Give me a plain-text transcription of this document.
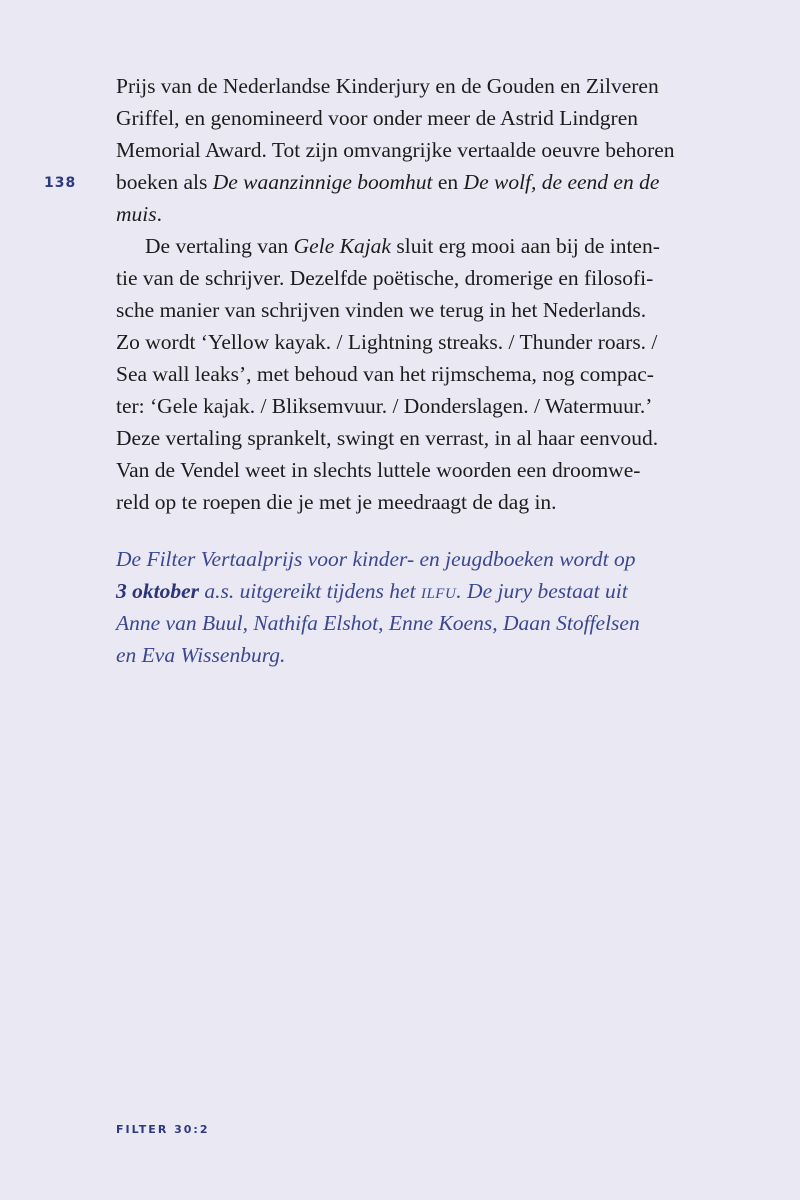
138

Prijs van de Nederlandse Kinderjury en de Gouden en Zilveren
Griffel, en genomineerd voor onder meer de Astrid Lindgren
Memorial Award. Tot zijn omvangrijke vertaalde oeuvre behoren
boeken als De waanzinnige boomhut en De wolf, de eend en de
muis.

De vertaling van Gele Kajak sluit erg mooi aan bij de inten-
tie van de schrijver. Dezelfde poëtische, dromerige en filosofi-
sche manier van schrijven vinden we terug in het Nederlands.
Zo wordt ‘Yellow kayak. / Lightning streaks. / Thunder roars. /
Sea wall leaks’, met behoud van het rijmschema, nog compac-
ter: ‘Gele kajak. / Bliksemvuur. / Donderslagen. / Watermuur.’
Deze vertaling sprankelt, swingt en verrast, in al haar eenvoud.
Van de Vendel weet in slechts luttele woorden een droomwe-
reld op te roepen die je met je meedraagt de dag in.

De Filter Vertaalprijs voor kinder- en jeugdboeken wordt op
3 oktober a.s. uitgereikt tijdens het ilfu. De jury bestaat uit
Anne van Buul, Nathifa Elshot, Enne Koens, Daan Stoffelsen
en Eva Wissenburg.
FILTER 30:2
